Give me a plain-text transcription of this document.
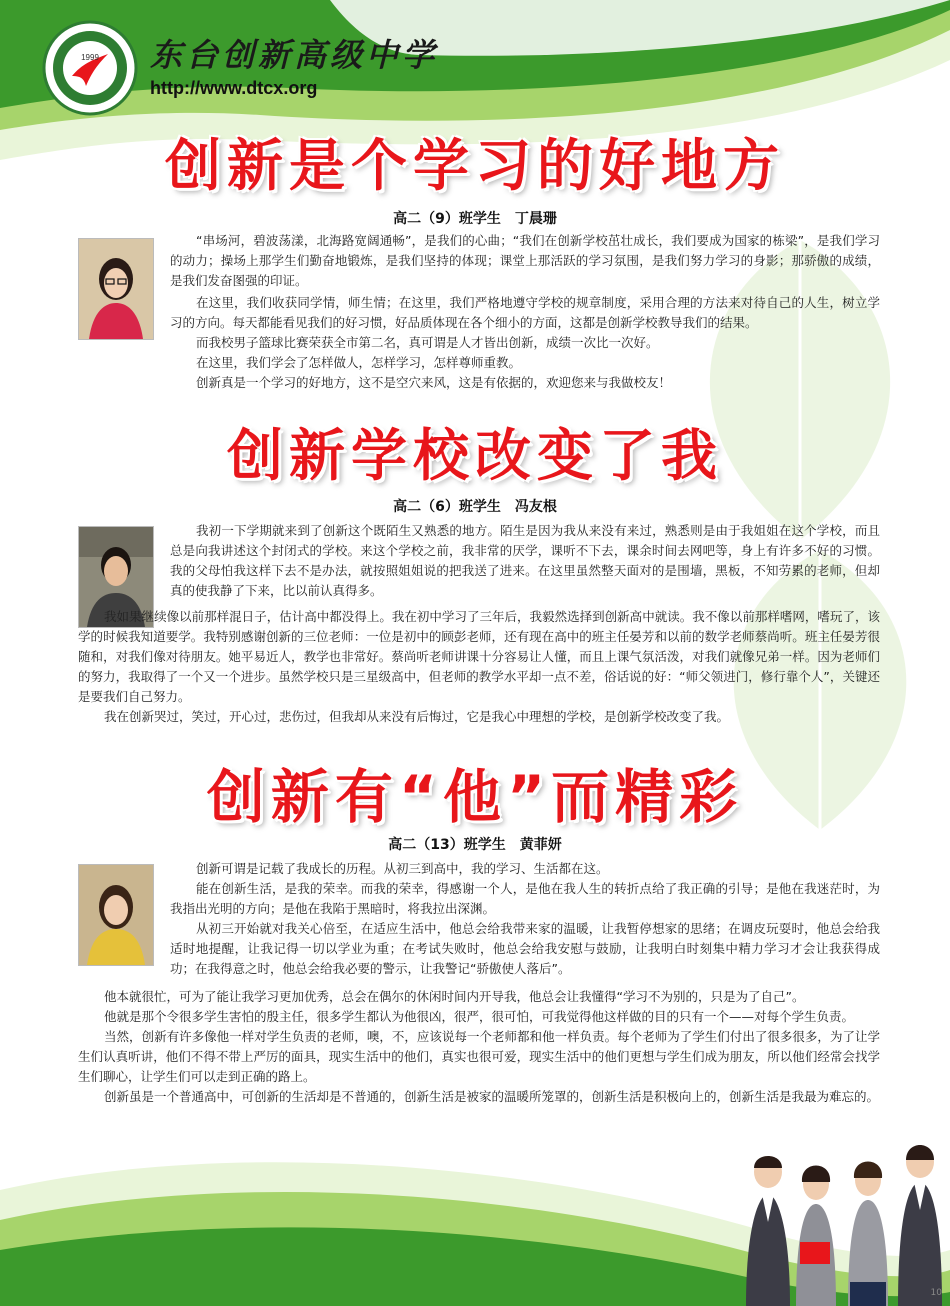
1999 东台创新高级中学
http://www.dtcx.org
创新是个学习的好地方
高二（9）班学生　丁晨珊

“串场河，碧波荡漾，北海路宽阔通畅”，是我们的心曲；“我们在创新学校茁壮成长，我们要成为国家的栋梁”，是我们学习的动力；操场上那学生们勤奋地锻炼，是我们坚持的体现；课堂上那活跃的学习氛围，是我们努力学习的身影；那骄傲的成绩，是我们发奋图强的印证。

在这里，我们收获同学情，师生情；在这里，我们严格地遵守学校的规章制度，采用合理的方法来对待自己的人生，树立学习的方向。每天都能看见我们的好习惯，好品质体现在各个细小的方面，这都是创新学校教导我们的结果。

而我校男子篮球比赛荣获全市第二名，真可谓是人才皆出创新，成绩一次比一次好。

在这里，我们学会了怎样做人，怎样学习，怎样尊师重教。

创新真是一个学习的好地方，这不是空穴来风，这是有依据的，欢迎您来与我做校友！

创新学校改变了我
高二（6）班学生　冯友根

我初一下学期就来到了创新这个既陌生又熟悉的地方。陌生是因为我从来没有来过，熟悉则是由于我姐姐在这个学校，而且总是向我讲述这个封闭式的学校。来这个学校之前，我非常的厌学，课听不下去，课余时间去网吧等，身上有许多不好的习惯。我的父母怕我这样下去不是办法，就按照姐姐说的把我送了进来。在这里虽然整天面对的是围墙，黑板，不知劳累的老师，但却真的使我静了下来，比以前认真得多。

我如果继续像以前那样混日子，估计高中都没得上。我在初中学习了三年后，我毅然选择到创新高中就读。我不像以前那样嗜网，嗜玩了，该学的时候我知道要学。我特别感谢创新的三位老师：一位是初中的顾彭老师，还有现在高中的班主任晏芳和以前的数学老师蔡尚听。班主任晏芳很随和，对我们像对待朋友。她平易近人，教学也非常好。蔡尚听老师讲课十分容易让人懂，而且上课气氛活泼，对我们就像兄弟一样。因为老师们的努力，我取得了一个又一个进步。虽然学校只是三星级高中，但老师的教学水平却一点不差，俗话说的好：“师父领进门，修行靠个人”，关键还是要我们自己努力。

我在创新哭过，笑过，开心过，悲伤过，但我却从来没有后悔过，它是我心中理想的学校，是创新学校改变了我。

创新有“他”而精彩
高二（13）班学生　黄菲妍

创新可谓是记载了我成长的历程。从初三到高中，我的学习、生活都在这。

能在创新生活，是我的荣幸。而我的荣幸，得感谢一个人，是他在我人生的转折点给了我正确的引导；是他在我迷茫时，为我指出光明的方向；是他在我陷于黑暗时，将我拉出深渊。

从初三开始就对我关心倍至，在适应生活中，他总会给我带来家的温暖，让我暂停想家的思绪；在调皮玩耍时，他总会给我适时地提醒，让我记得一切以学业为重；在考试失败时，他总会给我安慰与鼓励，让我明白时刻集中精力学习才会让我获得成功；在我得意之时，他总会给我必要的警示，让我警记“骄傲使人落后”。

他本就很忙，可为了能让我学习更加优秀，总会在偶尔的休闲时间内开导我，他总会让我懂得“学习不为别的，只是为了自己”。

他就是那个令很多学生害怕的殷主任，很多学生都认为他很凶，很严，很可怕，可我觉得他这样做的目的只有一个——对每个学生负责。

当然，创新有许多像他一样对学生负责的老师，噢，不，应该说每一个老师都和他一样负责。每个老师为了学生们付出了很多很多，为了让学生们认真听讲，他们不得不带上严厉的面具，现实生活中的他们，真实也很可爱，现实生活中的他们更想与学生们成为朋友，所以他们经常会找学生们聊心，让学生们可以走到正确的路上。

创新虽是一个普通高中，可创新的生活却是不普通的，创新生活是被家的温暖所笼罩的，创新生活是积极向上的，创新生活是我最为难忘的。

10
